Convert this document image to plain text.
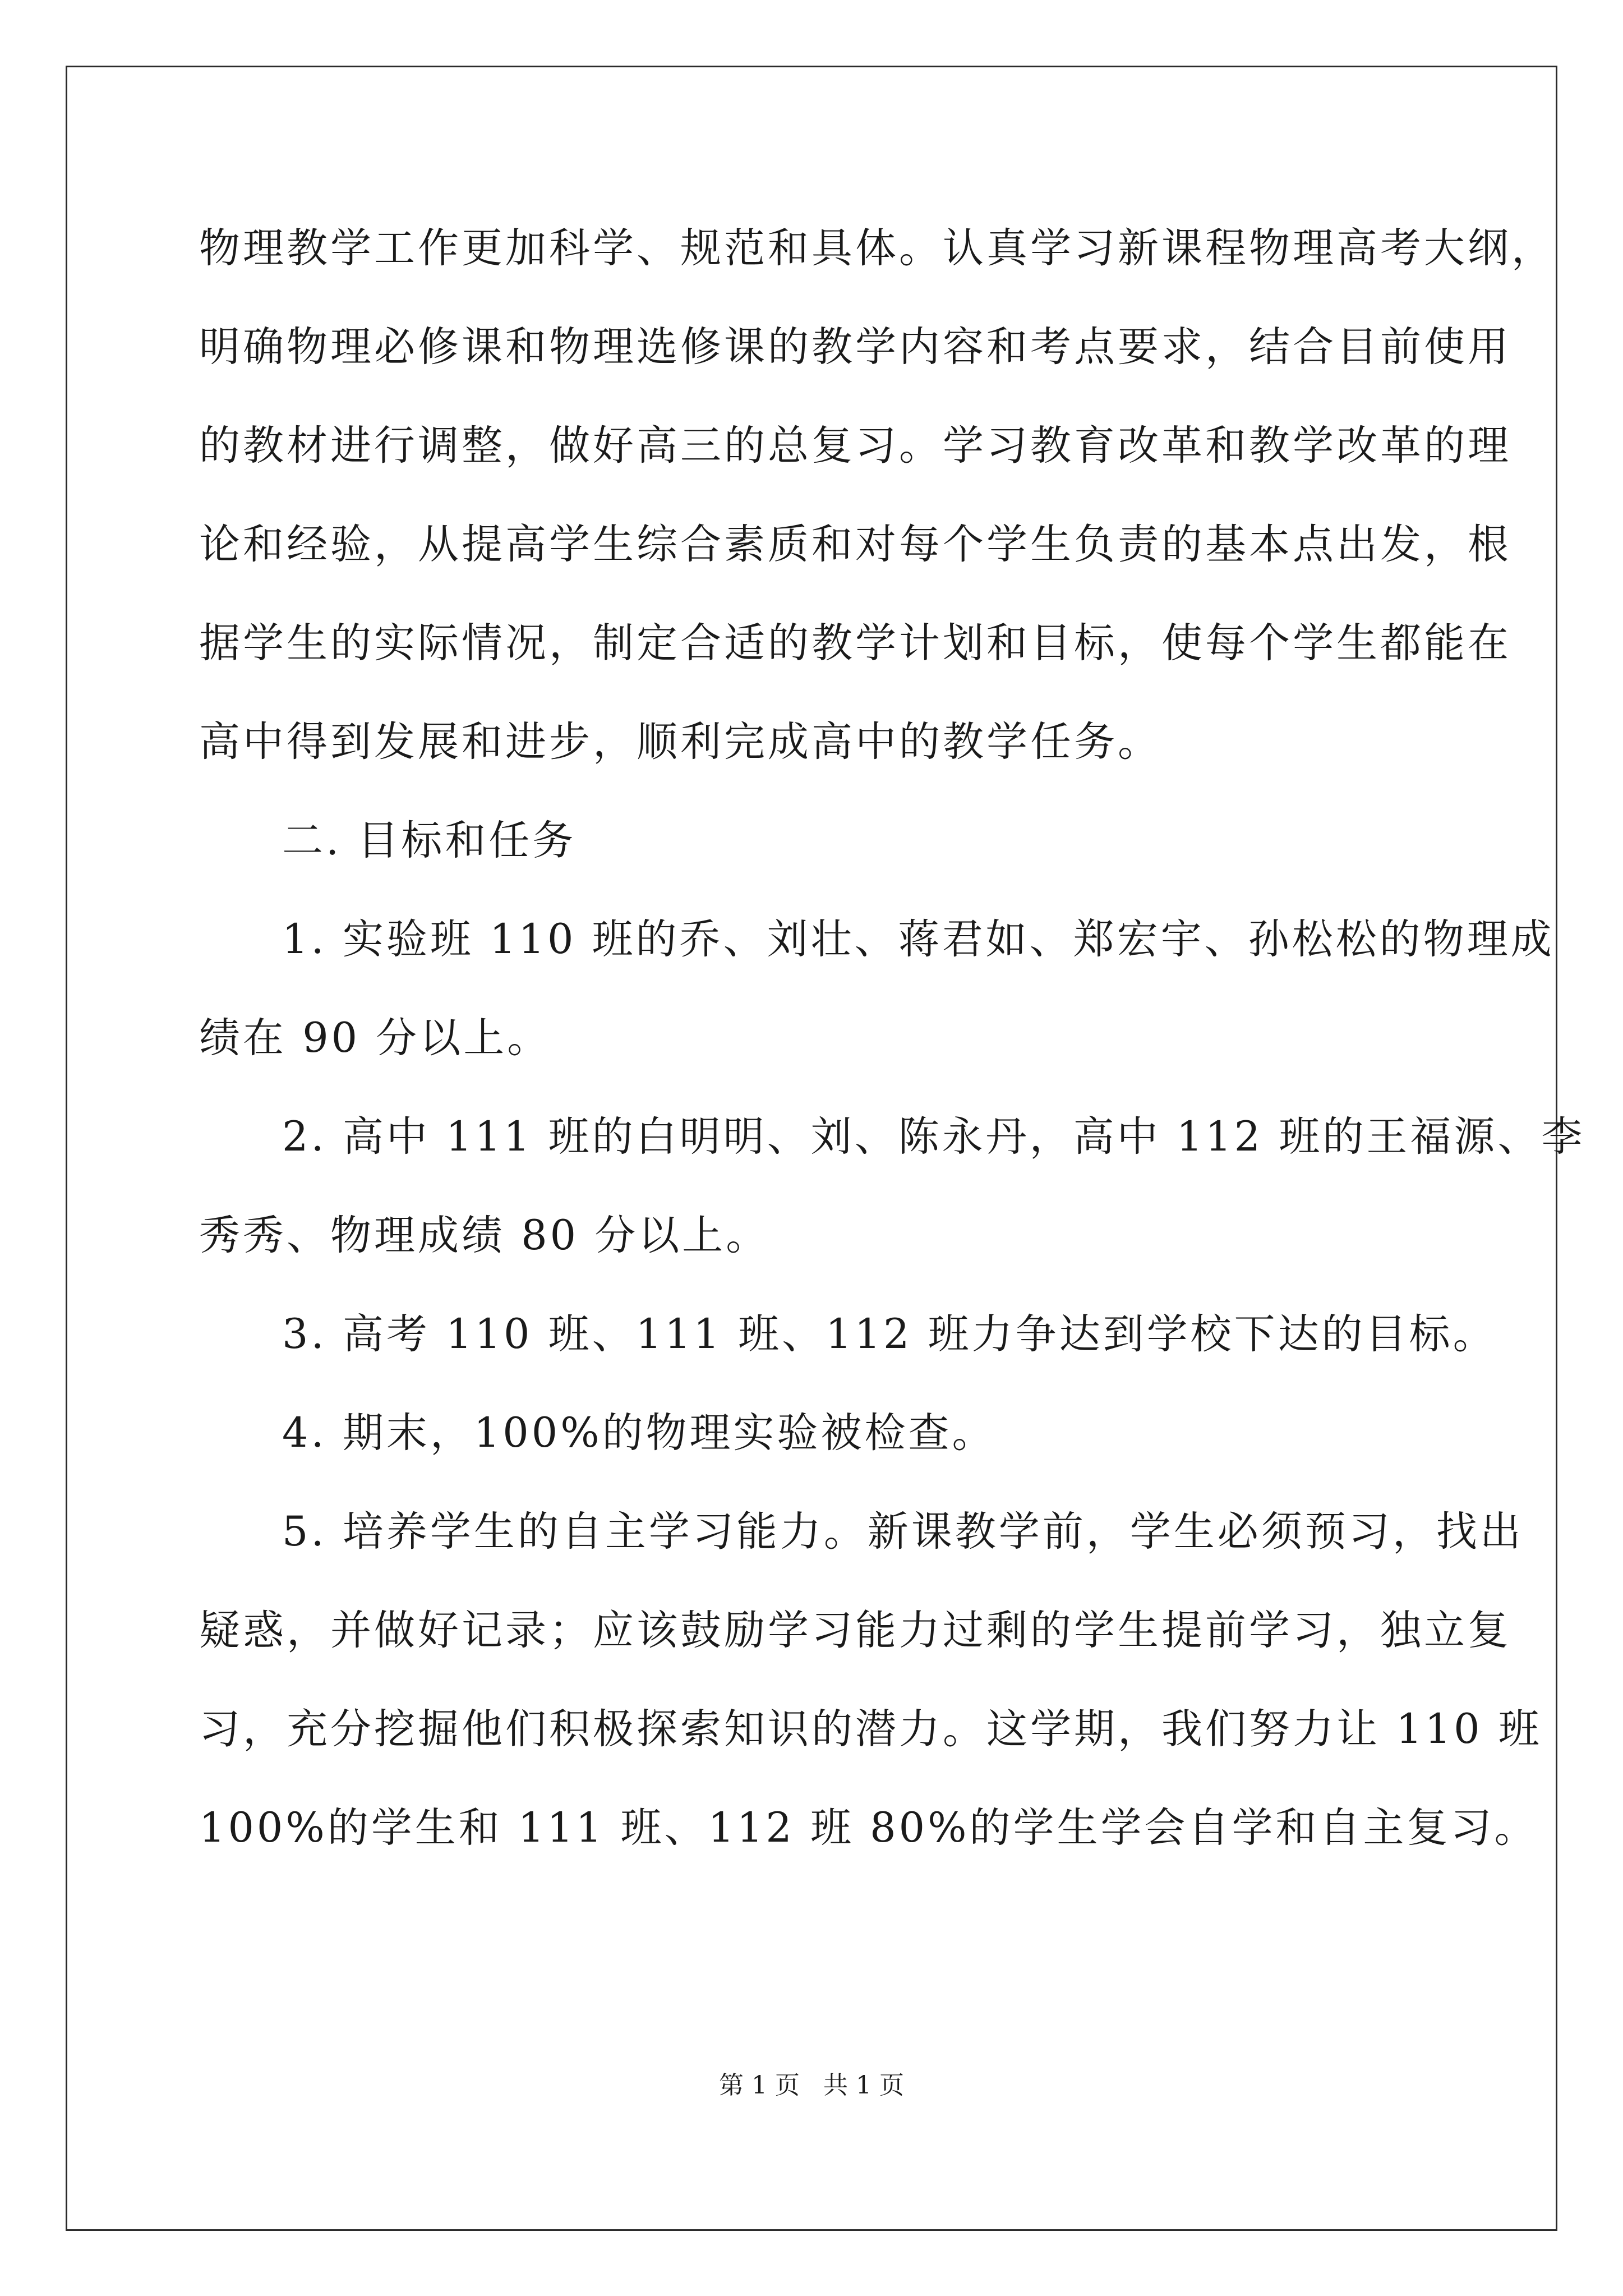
物理教学工作更加科学、规范和具体。认真学习新课程物理高考大纲，
明确物理必修课和物理选修课的教学内容和考点要求，结合目前使用
的教材进行调整，做好高三的总复习。学习教育改革和教学改革的理
论和经验，从提高学生综合素质和对每个学生负责的基本点出发，根
据学生的实际情况，制定合适的教学计划和目标，使每个学生都能在
高中得到发展和进步，顺利完成高中的教学任务。
二. 目标和任务
1. 实验班 110 班的乔、刘壮、蒋君如、郑宏宇、孙松松的物理成
绩在 90 分以上。
2. 高中 111 班的白明明、刘、陈永丹，高中 112 班的王福源、李
秀秀、物理成绩 80 分以上。
3. 高考 110 班、111 班、112 班力争达到学校下达的目标。
4. 期末，100%的物理实验被检查。
5. 培养学生的自主学习能力。新课教学前，学生必须预习，找出
疑惑，并做好记录；应该鼓励学习能力过剩的学生提前学习，独立复
习，充分挖掘他们积极探索知识的潜力。这学期，我们努力让 110 班
100%的学生和 111 班、112 班 80%的学生学会自学和自主复习。
第 1 页   共 1 页
